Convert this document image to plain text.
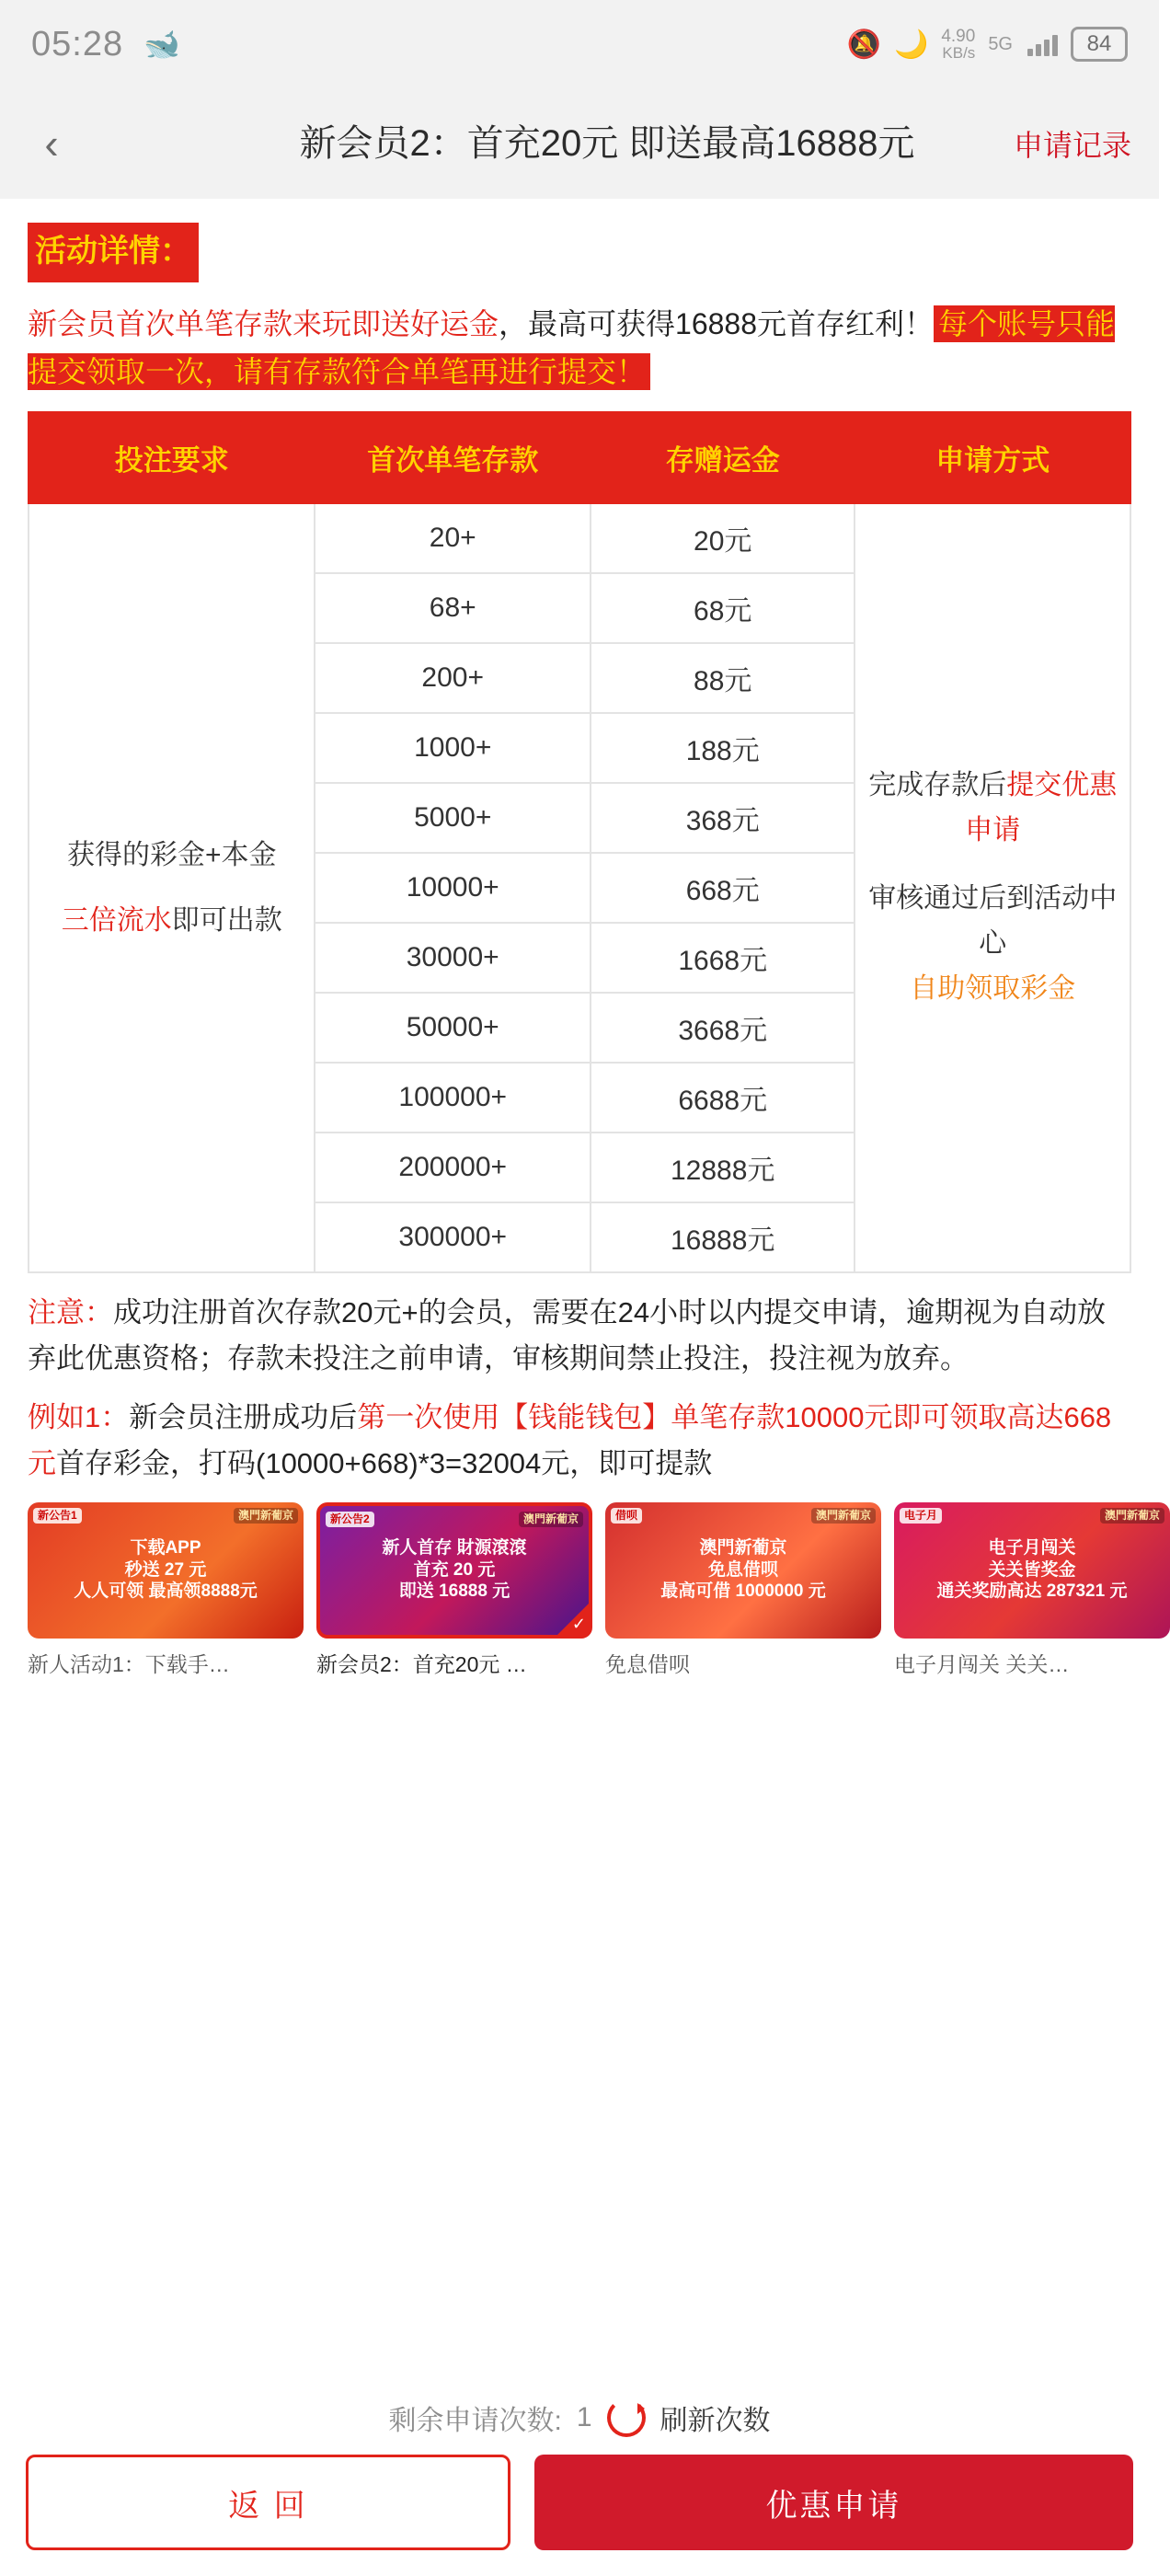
05:28 🐋	🔕 🌙 4.90
KB/s 5G	84
‹	新会员2：首充20元 即送最高16888元	申请记录
活动详情：
新会员首次单笔存款来玩即送好运金，最高可获得16888元首存红利！ 每个账号只能提交领取一次，请有存款符合单笔再进行提交！
投注要求	首次单笔存款	存赠运金	申请方式

获得的彩金+本金
三倍流水即可出款
	20+	20元	
完成存款后提交优惠申请
审核通过后到活动中心
自助领取彩金

	68+	68元	
	200+	88元	
	1000+	188元	
	5000+	368元	
	10000+	668元	
	30000+	1668元	
	50000+	3668元	
	100000+	6688元	
	200000+	12888元	
	300000+	16888元	
注意：成功注册首次存款20元+的会员，需要在24小时以内提交申请，逾期视为自动放弃此优惠资格；存款未投注之前申请，审核期间禁止投注，投注视为放弃。
例如1：新会员注册成功后第一次使用【钱能钱包】单笔存款10000元即可领取高达668元首存彩金，打码(10000+668)*3=32004元，即可提款
新公告1	澳門新葡京
下载APP
秒送 27 元
人人可领 最高领8888元
新人活动1：下载手…
新公告2	澳門新葡京
新人首存 財源滾滾
首充 20 元
即送 16888 元
✓
新会员2：首充20元 …
借呗	澳門新葡京
澳門新葡京
免息借呗
最高可借 1000000 元
免息借呗
电子月	澳門新葡京
电子月闯关
关关皆奖金
通关奖励高达 287321 元
电子月闯关 关关…
剩余申请次数: 1 刷新次数
返 回	优惠申请
